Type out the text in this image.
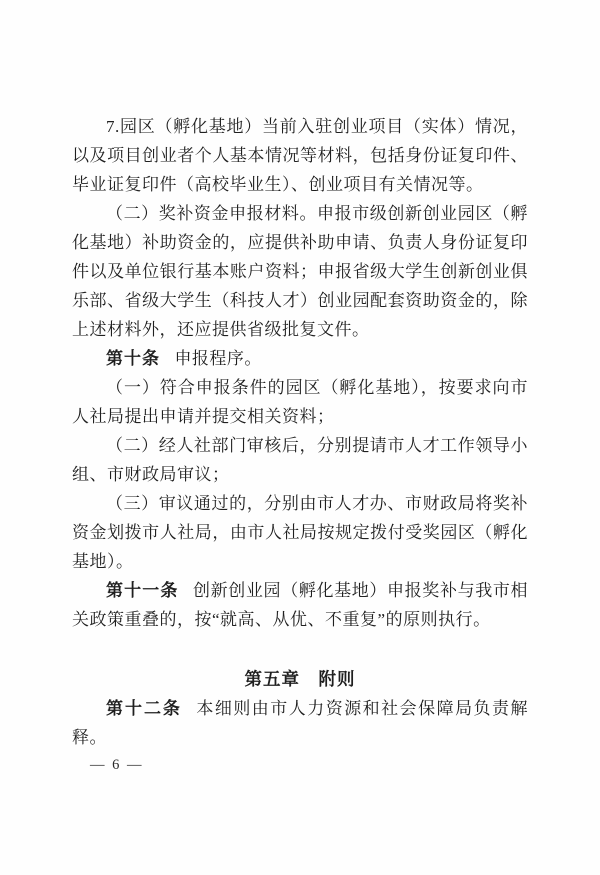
7.园区（孵化基地）当前入驻创业项目（实体）情况，以及项目创业者个人基本情况等材料，包括身份证复印件、毕业证复印件（高校毕业生）、创业项目有关情况等。

（二）奖补资金申报材料。申报市级创新创业园区（孵化基地）补助资金的，应提供补助申请、负责人身份证复印件以及单位银行基本账户资料；申报省级大学生创新创业俱乐部、省级大学生（科技人才）创业园配套资助资金的，除上述材料外，还应提供省级批复文件。

第十条 申报程序。

（一）符合申报条件的园区（孵化基地），按要求向市人社局提出申请并提交相关资料；

（二）经人社部门审核后，分别提请市人才工作领导小组、市财政局审议；

（三）审议通过的，分别由市人才办、市财政局将奖补资金划拨市人社局，由市人社局按规定拨付受奖园区（孵化基地）。

第十一条 创新创业园（孵化基地）申报奖补与我市相关政策重叠的，按“就高、从优、不重复”的原则执行。

第五章　附则

第十二条 本细则由市人力资源和社会保障局负责解释。

— 6 —
